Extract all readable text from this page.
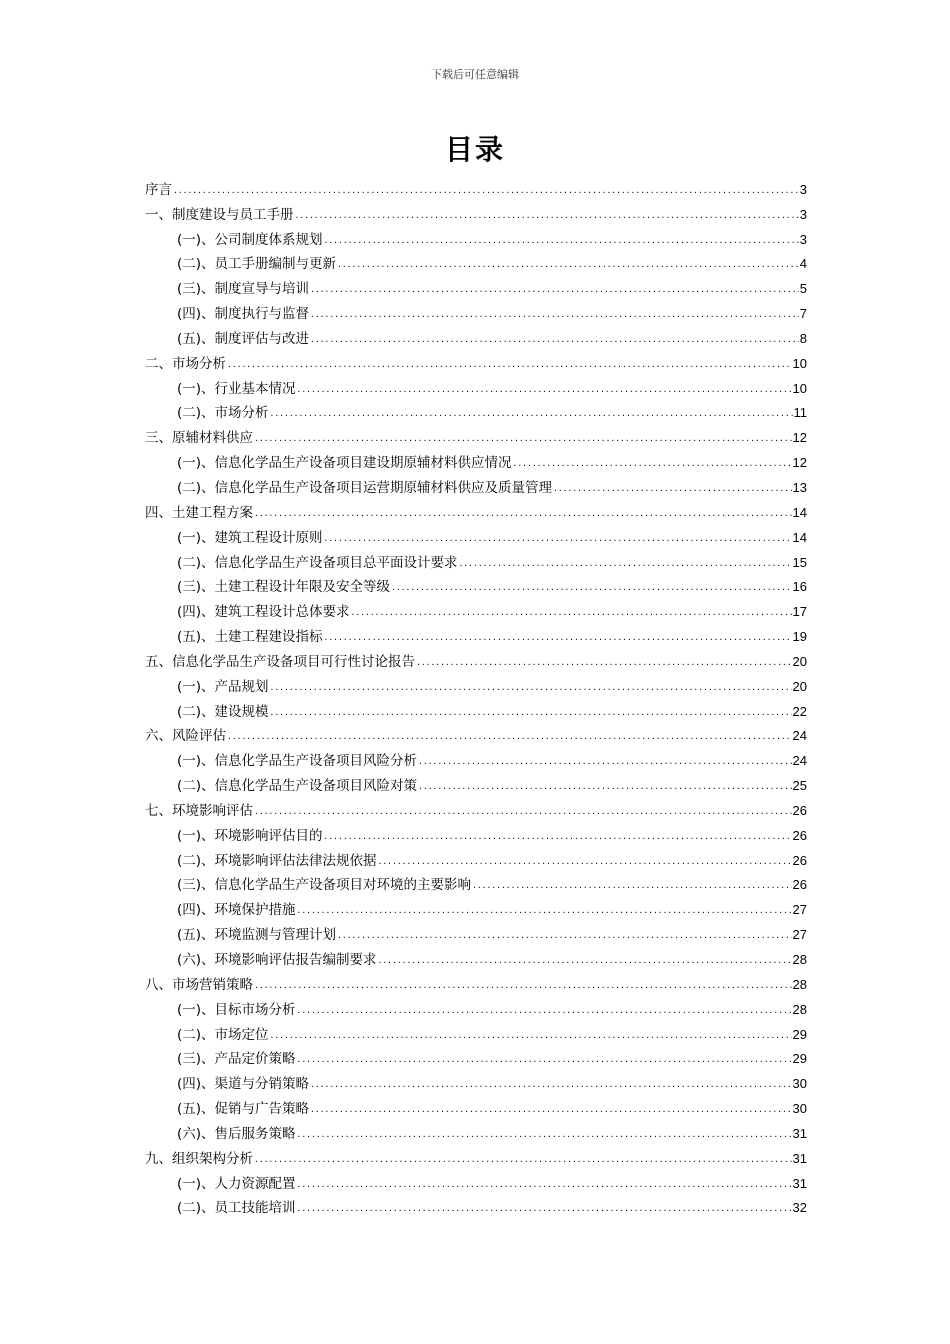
下载后可任意编辑
目录
序言 .....	3
一、制度建设与员工手册 .....	3
(一)、公司制度体系规划 .....	3
(二)、员工手册编制与更新 .....	4
(三)、制度宣导与培训 .....	5
(四)、制度执行与监督 .....	7
(五)、制度评估与改进 .....	8
二、市场分析 .....	10
(一)、行业基本情况 .....	10
(二)、市场分析 .....	11
三、原辅材料供应 .....	12
(一)、信息化学品生产设备项目建设期原辅材料供应情况 .....	12
(二)、信息化学品生产设备项目运营期原辅材料供应及质量管理 .....	13
四、土建工程方案 .....	14
(一)、建筑工程设计原则 .....	14
(二)、信息化学品生产设备项目总平面设计要求 .....	15
(三)、土建工程设计年限及安全等级 .....	16
(四)、建筑工程设计总体要求 .....	17
(五)、土建工程建设指标 .....	19
五、信息化学品生产设备项目可行性讨论报告 .....	20
(一)、产品规划 .....	20
(二)、建设规模 .....	22
六、风险评估 .....	24
(一)、信息化学品生产设备项目风险分析 .....	24
(二)、信息化学品生产设备项目风险对策 .....	25
七、环境影响评估 .....	26
(一)、环境影响评估目的 .....	26
(二)、环境影响评估法律法规依据 .....	26
(三)、信息化学品生产设备项目对环境的主要影响 .....	26
(四)、环境保护措施 .....	27
(五)、环境监测与管理计划 .....	27
(六)、环境影响评估报告编制要求 .....	28
八、市场营销策略 .....	28
(一)、目标市场分析 .....	28
(二)、市场定位 .....	29
(三)、产品定价策略 .....	29
(四)、渠道与分销策略 .....	30
(五)、促销与广告策略 .....	30
(六)、售后服务策略 .....	31
九、组织架构分析 .....	31
(一)、人力资源配置 .....	31
(二)、员工技能培训 .....	32
